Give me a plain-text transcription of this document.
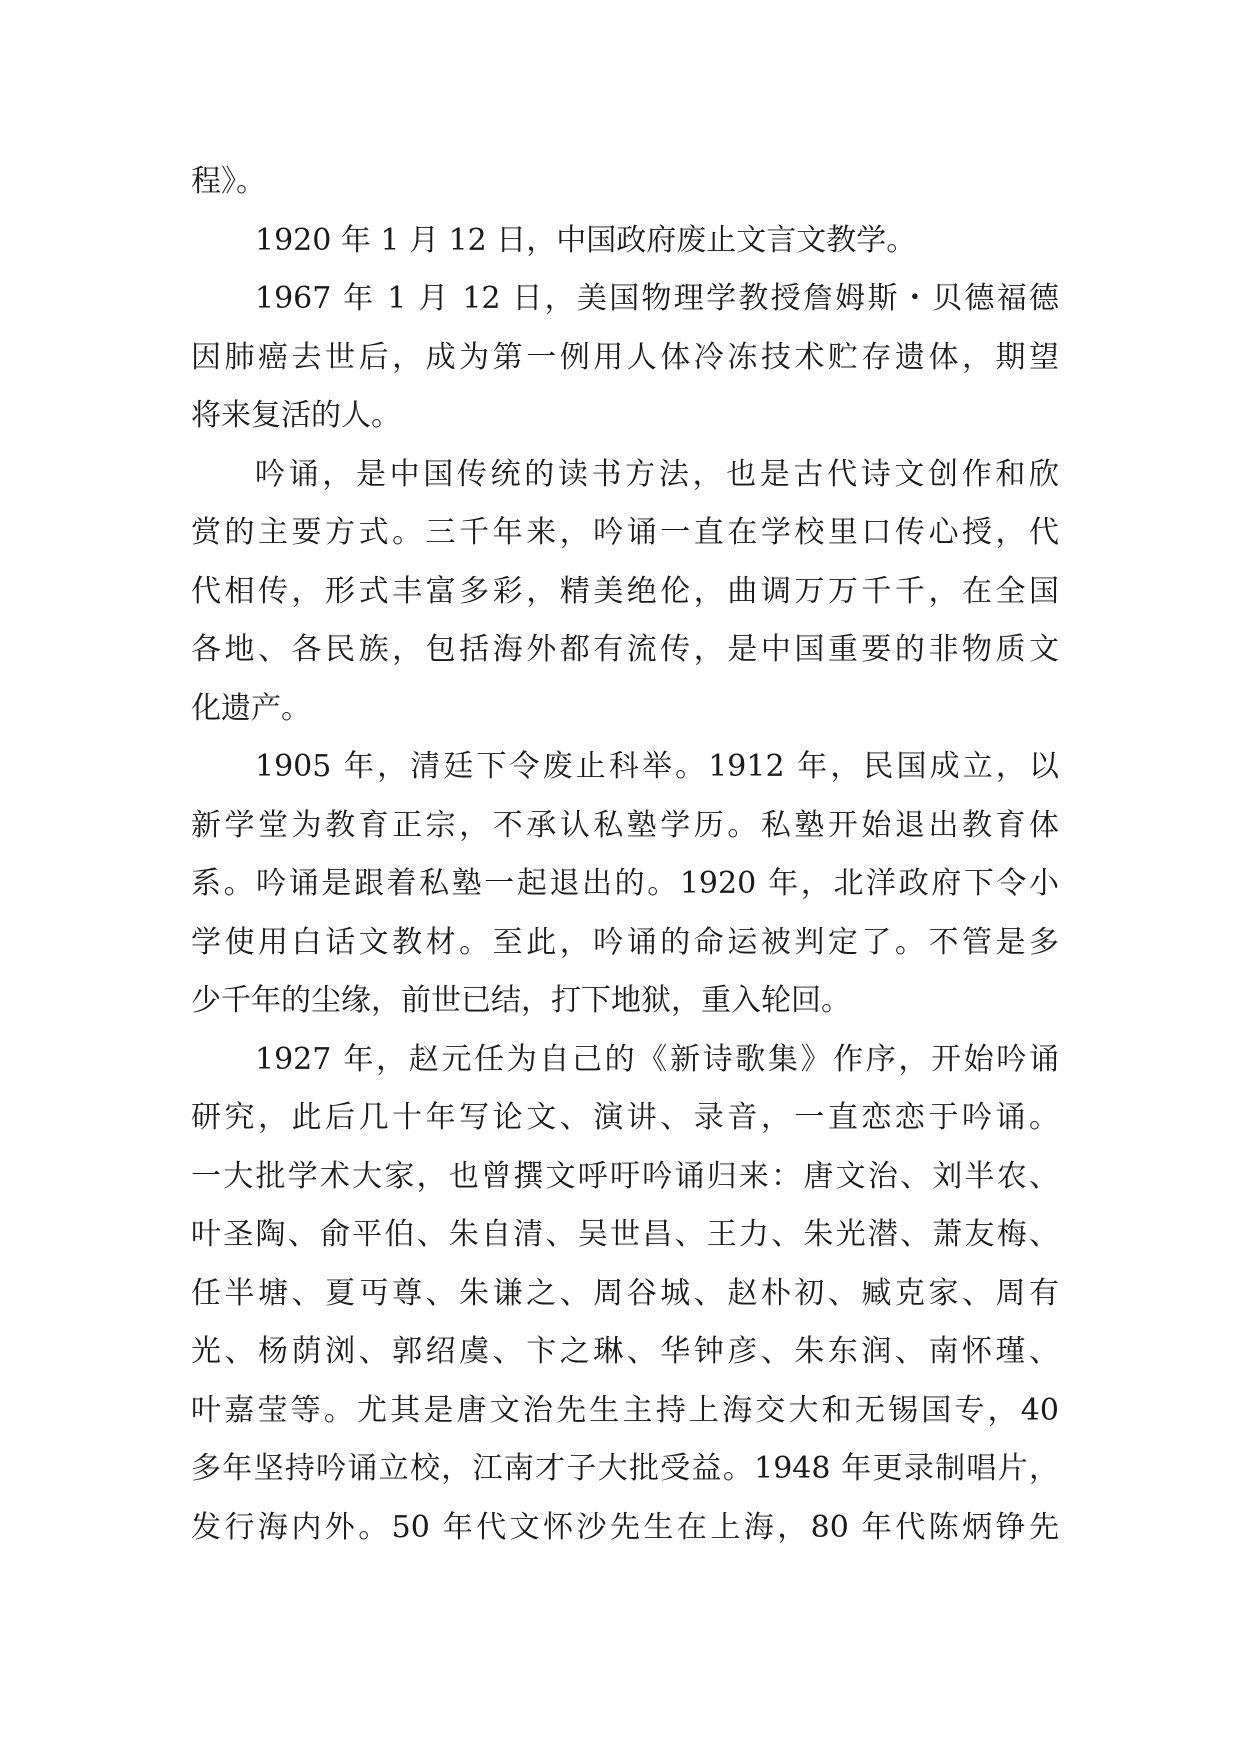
程》。
1920 年 1 月 12 日，中国政府废止文言文教学。
1967 年 1 月 12 日，美国物理学教授詹姆斯・贝德福德
因肺癌去世后，成为第一例用人体冷冻技术贮存遗体，期望
将来复活的人。
吟诵，是中国传统的读书方法，也是古代诗文创作和欣
赏的主要方式。三千年来，吟诵一直在学校里口传心授，代
代相传，形式丰富多彩，精美绝伦，曲调万万千千，在全国
各地、各民族，包括海外都有流传，是中国重要的非物质文
化遗产。
1905 年，清廷下令废止科举。1912 年，民国成立，以
新学堂为教育正宗，不承认私塾学历。私塾开始退出教育体
系。吟诵是跟着私塾一起退出的。1920 年，北洋政府下令小
学使用白话文教材。至此，吟诵的命运被判定了。不管是多
少千年的尘缘，前世已结，打下地狱，重入轮回。
1927 年，赵元任为自己的《新诗歌集》作序，开始吟诵
研究，此后几十年写论文、演讲、录音，一直恋恋于吟诵。
一大批学术大家，也曾撰文呼吁吟诵归来：唐文治、刘半农、
叶圣陶、俞平伯、朱自清、吴世昌、王力、朱光潜、萧友梅、
任半塘、夏丏尊、朱谦之、周谷城、赵朴初、臧克家、周有
光、杨荫浏、郭绍虞、卞之琳、华钟彦、朱东润、南怀瑾、
叶嘉莹等。尤其是唐文治先生主持上海交大和无锡国专，40
多年坚持吟诵立校，江南才子大批受益。1948 年更录制唱片，
发行海内外。50 年代文怀沙先生在上海，80 年代陈炳铮先
